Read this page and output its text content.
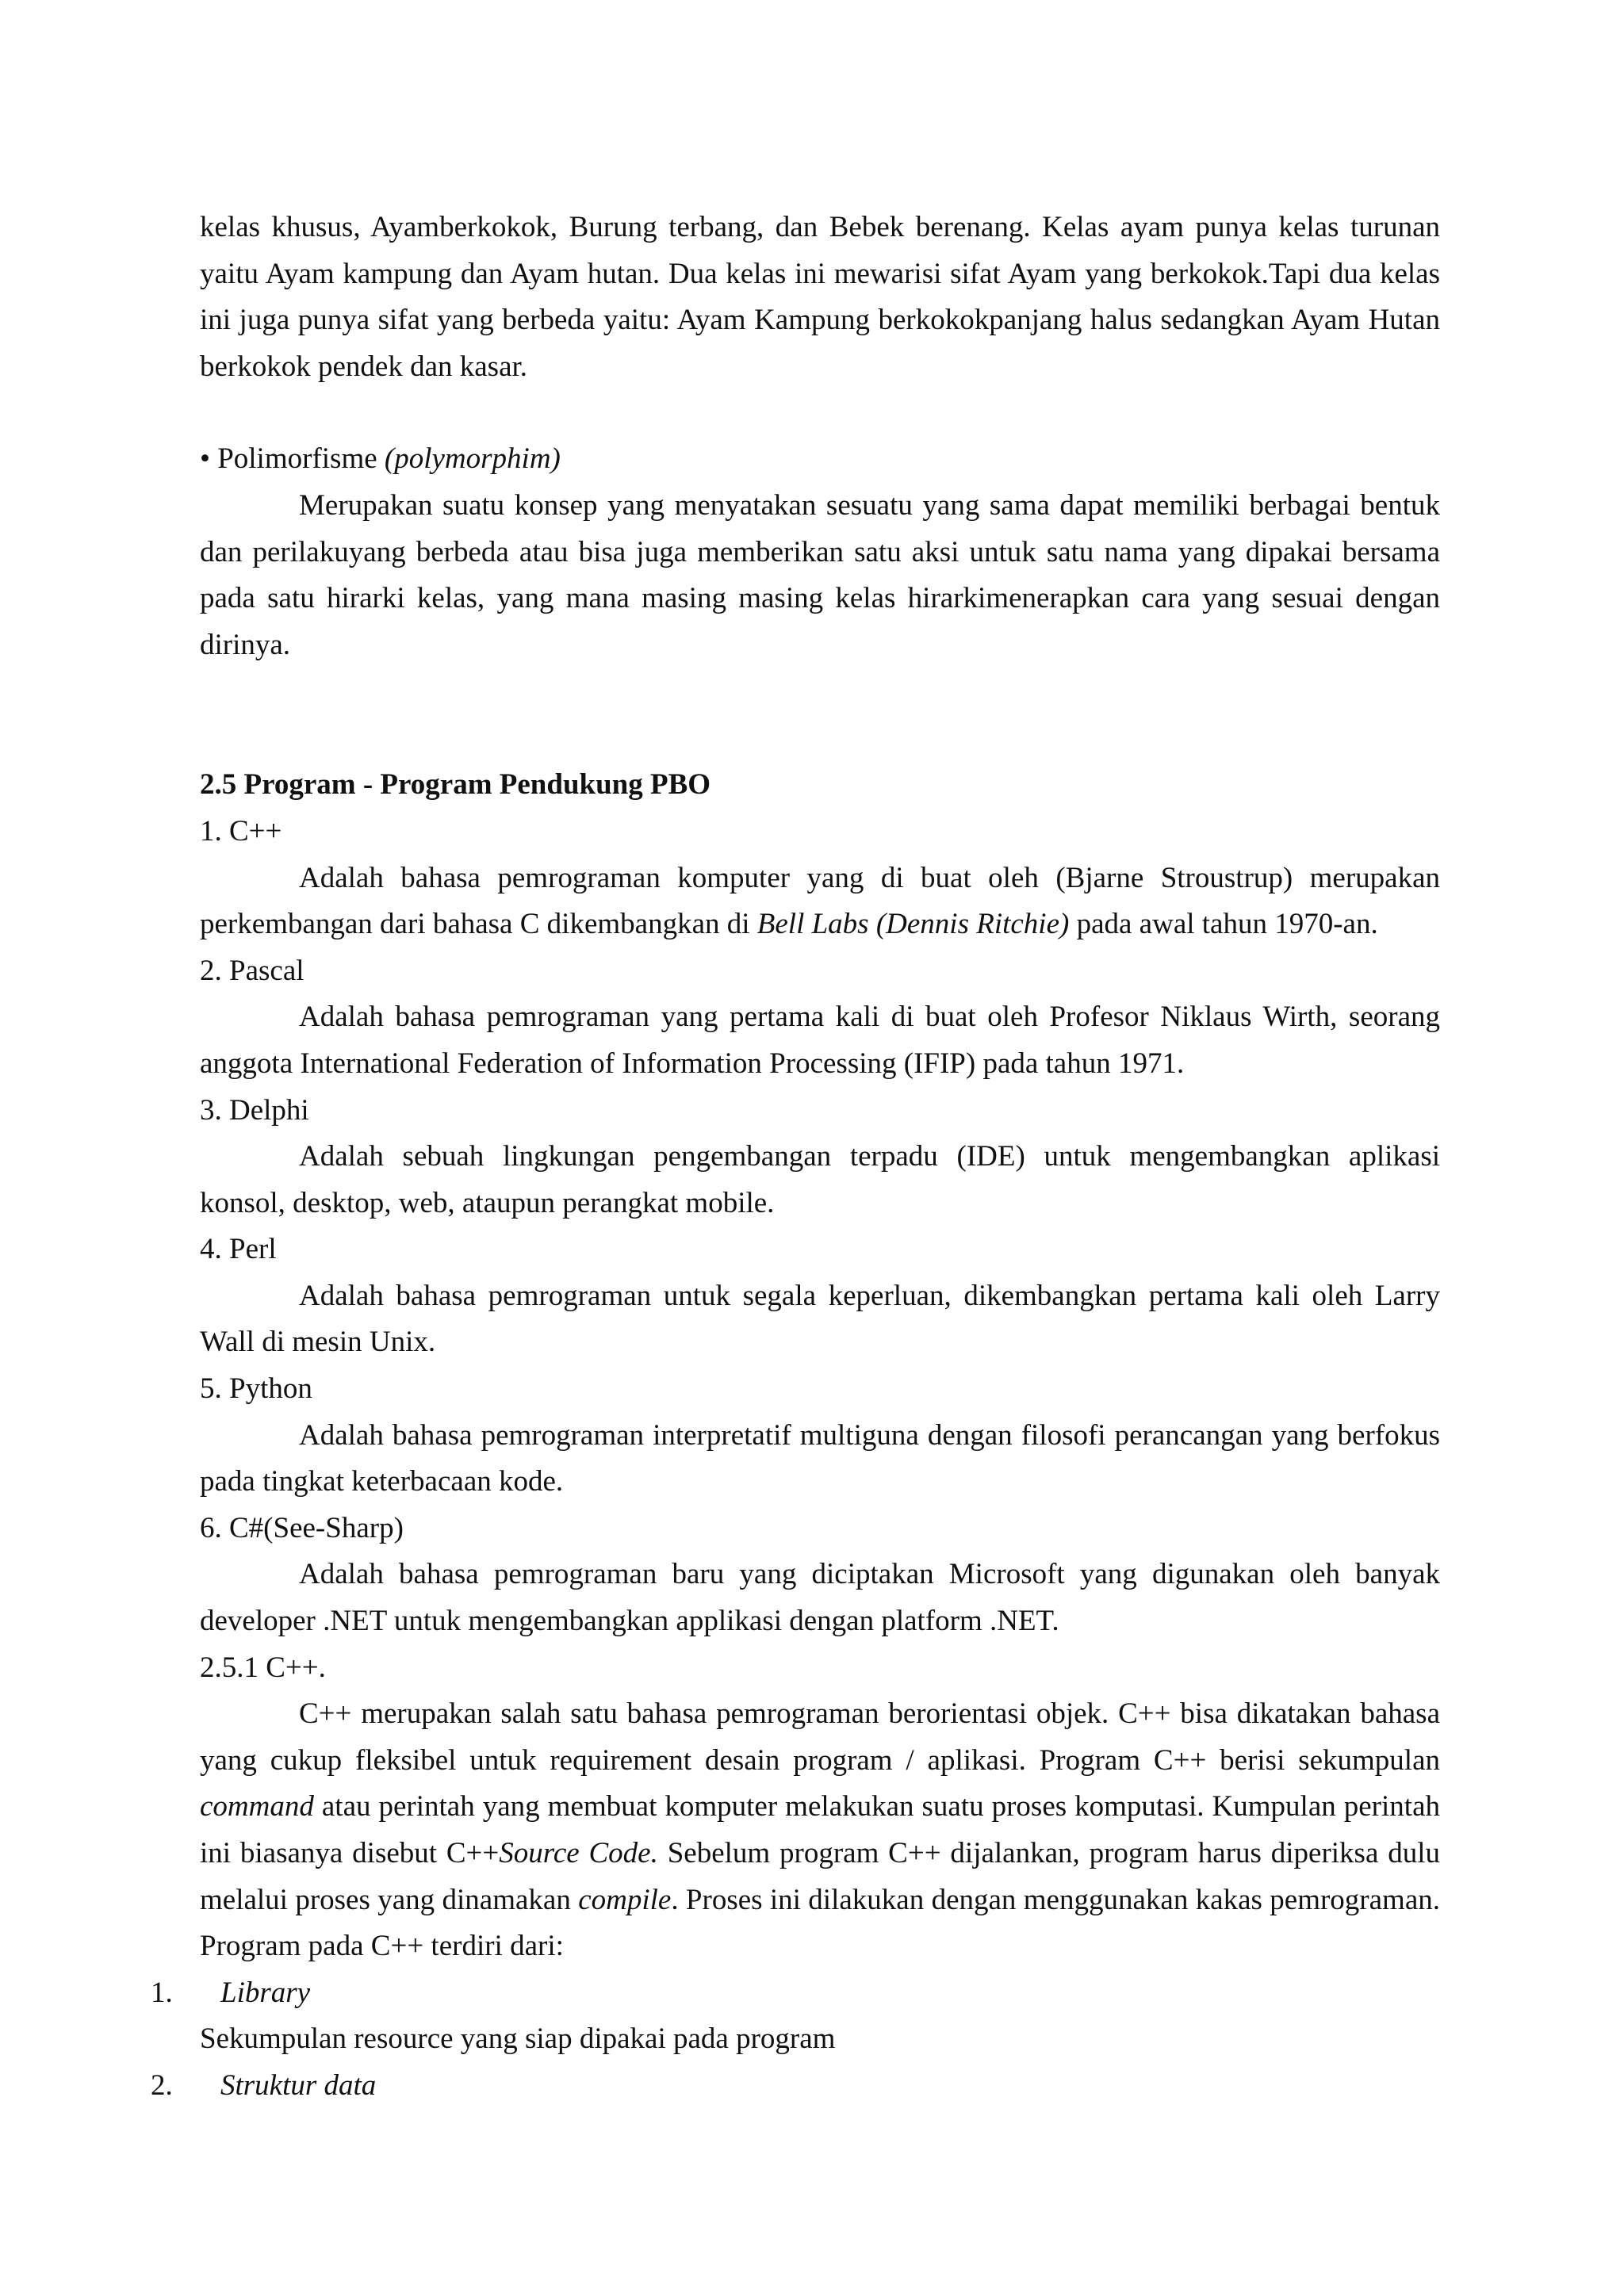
kelas khusus, Ayamberkokok, Burung terbang, dan Bebek berenang. Kelas ayam punya kelas turunan yaitu Ayam kampung dan Ayam hutan. Dua kelas ini mewarisi sifat Ayam yang berkokok.Tapi dua kelas ini juga punya sifat yang berbeda yaitu: Ayam Kampung berkokokpanjang halus sedangkan Ayam Hutan berkokok pendek dan kasar.

• Polimorfisme (polymorphim)

Merupakan suatu konsep yang menyatakan sesuatu yang sama dapat memiliki berbagai bentuk dan perilakuyang berbeda atau bisa juga memberikan satu aksi untuk satu nama yang dipakai bersama pada satu hirarki kelas, yang mana masing masing kelas hirarkimenerapkan cara yang sesuai dengan dirinya.

2.5 Program - Program Pendukung PBO

1. C++

Adalah bahasa pemrograman komputer yang di buat oleh (Bjarne Stroustrup) merupakan perkembangan dari bahasa C dikembangkan di Bell Labs (Dennis Ritchie) pada awal tahun 1970-an.

2. Pascal

Adalah bahasa pemrograman yang pertama kali di buat oleh Profesor Niklaus Wirth, seorang anggota International Federation of Information Processing (IFIP) pada tahun 1971.

3. Delphi

Adalah sebuah lingkungan pengembangan terpadu (IDE) untuk mengembangkan aplikasi konsol, desktop, web, ataupun perangkat mobile.

4. Perl

Adalah bahasa pemrograman untuk segala keperluan, dikembangkan pertama kali oleh Larry Wall di mesin Unix.

5. Python

Adalah bahasa pemrograman interpretatif multiguna dengan filosofi perancangan yang berfokus pada tingkat keterbacaan kode.

6. C#(See-Sharp)

Adalah bahasa pemrograman baru yang diciptakan Microsoft yang digunakan oleh banyak developer .NET untuk mengembangkan applikasi dengan platform .NET.

2.5.1 C++.

C++ merupakan salah satu bahasa pemrograman berorientasi objek. C++ bisa dikatakan bahasa yang cukup fleksibel untuk requirement desain program / aplikasi. Program C++ berisi sekumpulan command atau perintah yang membuat komputer melakukan suatu proses komputasi. Kumpulan perintah ini biasanya disebut C++Source Code. Sebelum program C++ dijalankan, program harus diperiksa dulu melalui proses yang dinamakan compile. Proses ini dilakukan dengan menggunakan kakas pemrograman. Program pada C++ terdiri dari:

1. Library

Sekumpulan resource yang siap dipakai pada program

2. Struktur data
